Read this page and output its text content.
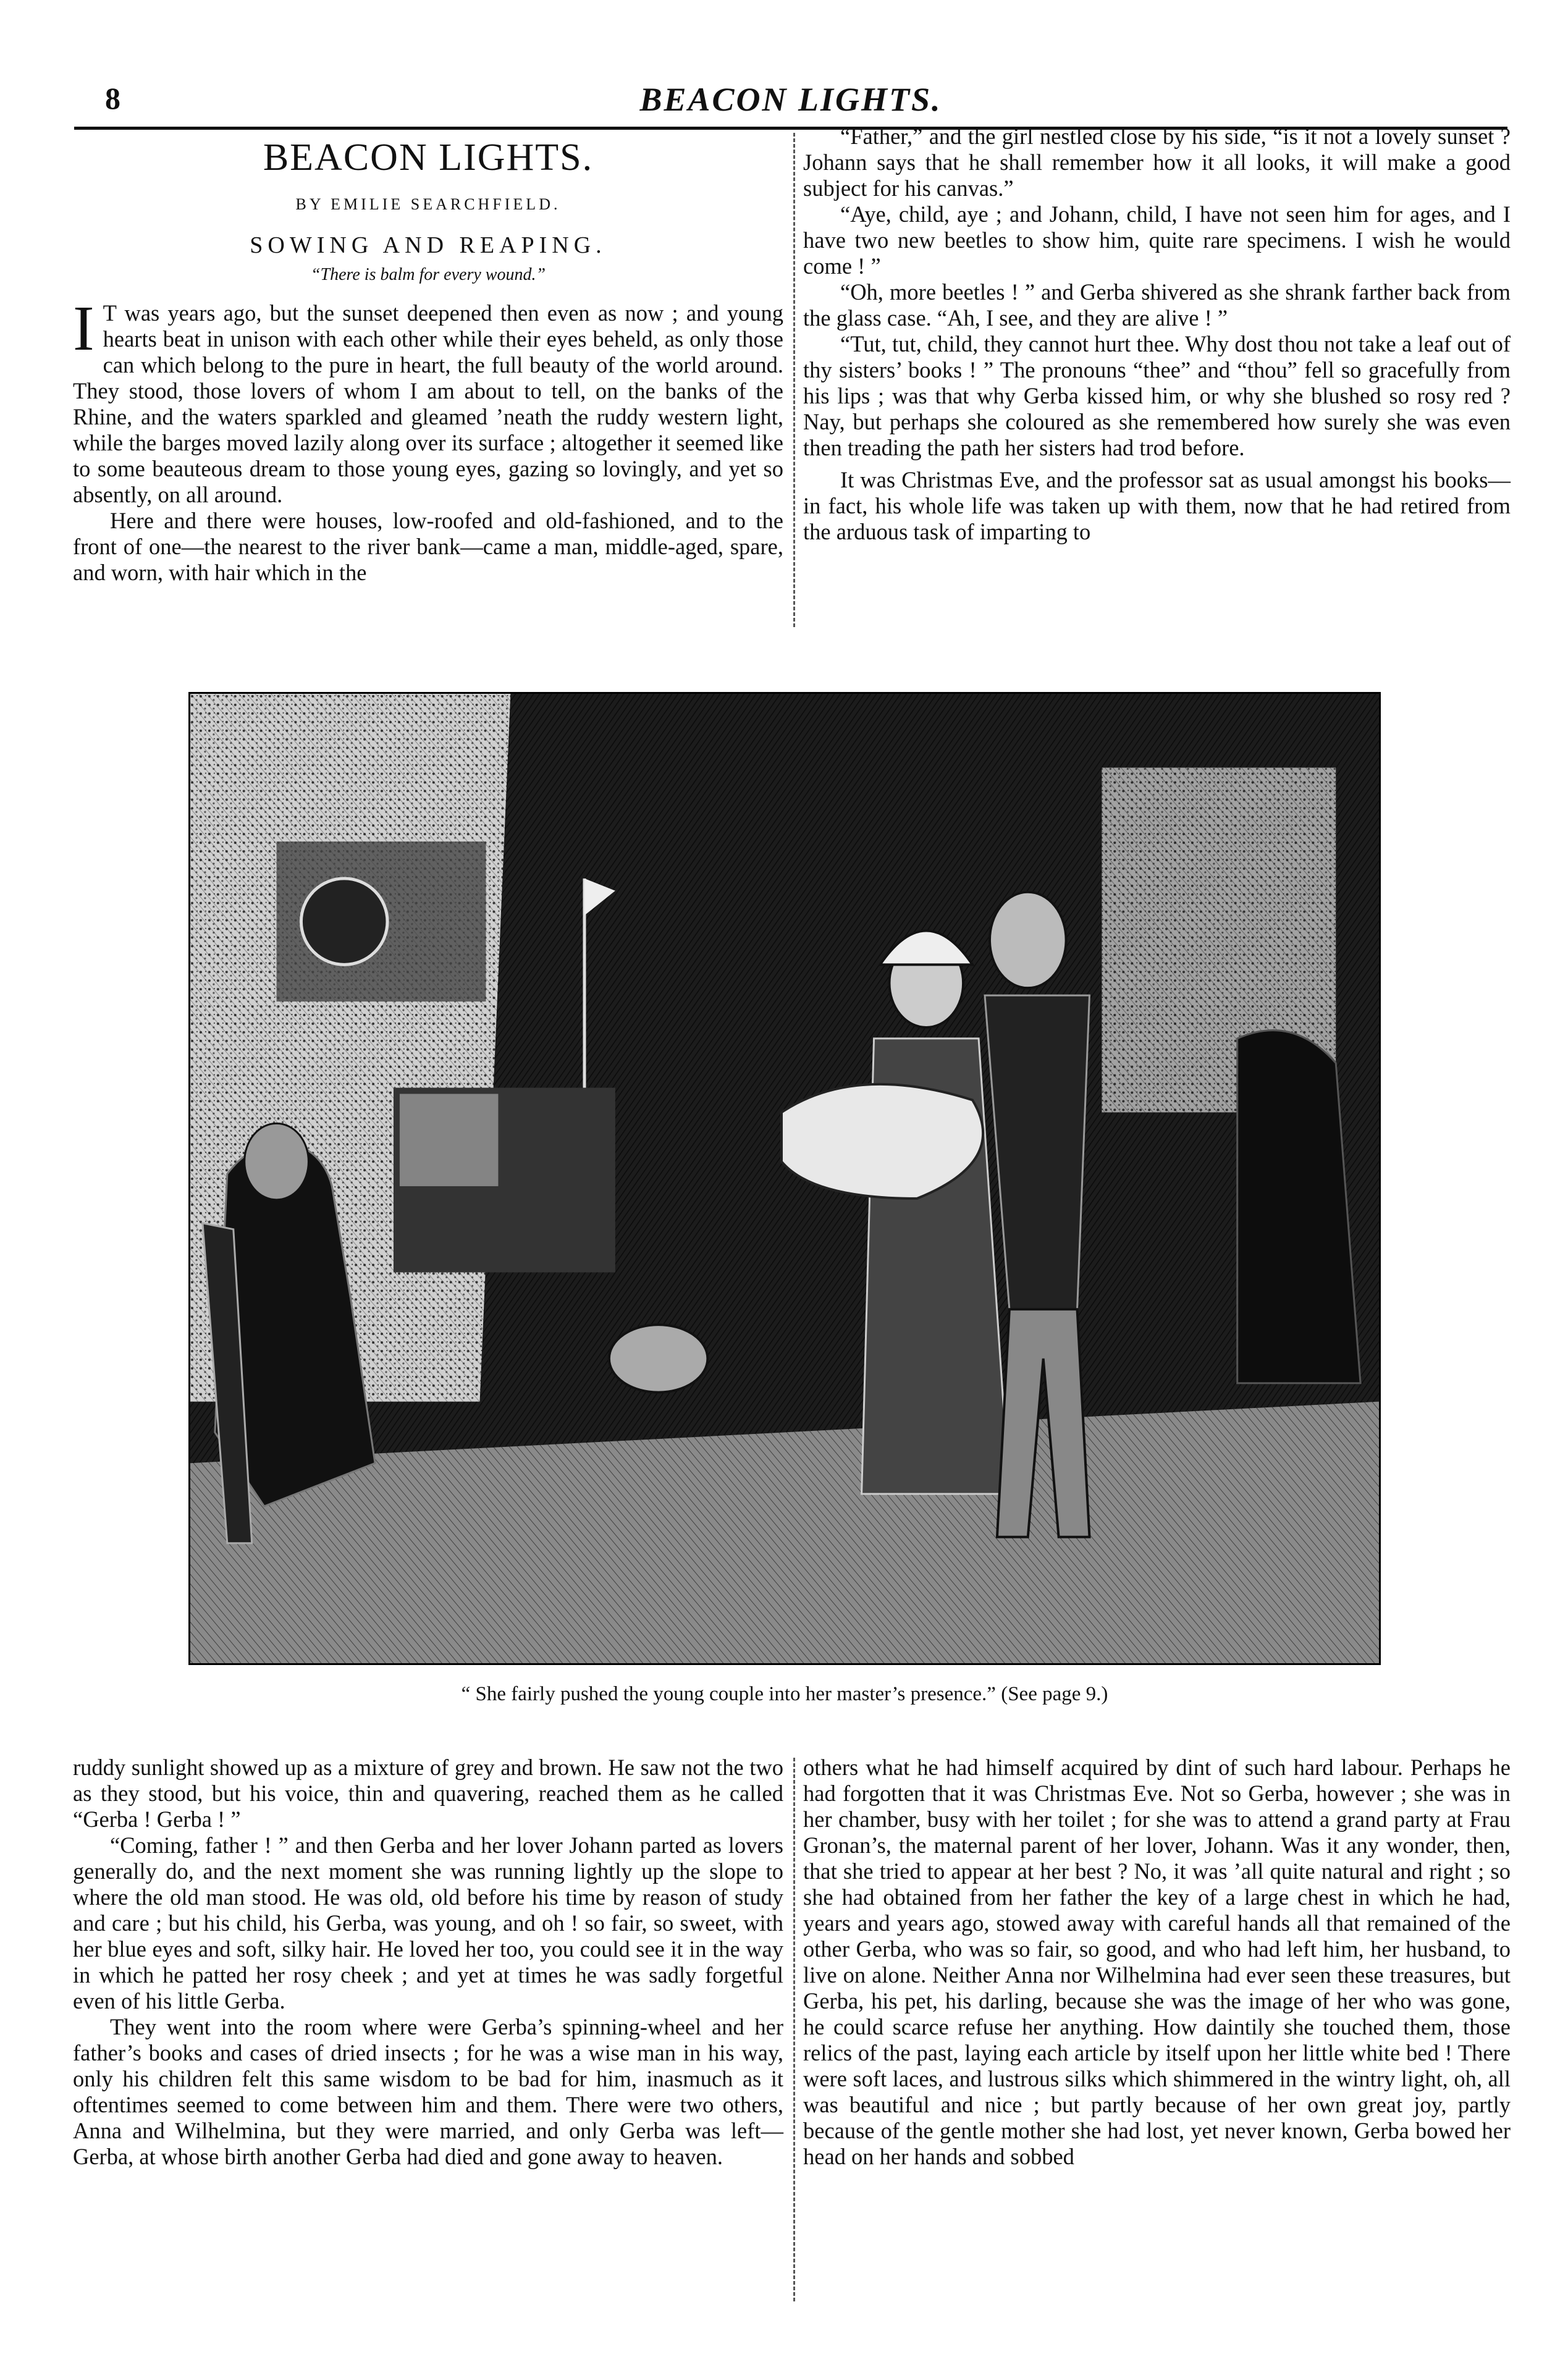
8	BEACON LIGHTS.
BEACON LIGHTS.
BY EMILIE SEARCHFIELD.
SOWING AND REAPING.
“There is balm for every wound.”

I T was years ago, but the sunset deepened then even as now ; and young hearts beat in unison with each other while their eyes beheld, as only those can which belong to the pure in heart, the full beauty of the world around. They stood, those lovers of whom I am about to tell, on the banks of the Rhine, and the waters sparkled and gleamed ’neath the ruddy western light, while the barges moved lazily along over its surface ; altogether it seemed like to some beauteous dream to those young eyes, gazing so lovingly, and yet so absently, on all around.

Here and there were houses, low-roofed and old-fashioned, and to the front of one—the nearest to the river bank—came a man, middle-aged, spare, and worn, with hair which in the

“Father,” and the girl nestled close by his side, “is it not a lovely sunset ? Johann says that he shall remember how it all looks, it will make a good subject for his canvas.”

“Aye, child, aye ; and Johann, child, I have not seen him for ages, and I have two new beetles to show him, quite rare specimens. I wish he would come ! ”

“Oh, more beetles ! ” and Gerba shivered as she shrank farther back from the glass case. “Ah, I see, and they are alive ! ”

“Tut, tut, child, they cannot hurt thee. Why dost thou not take a leaf out of thy sisters’ books ! ” The pronouns “thee” and “thou” fell so gracefully from his lips ; was that why Gerba kissed him, or why she blushed so rosy red ? Nay, but perhaps she coloured as she remembered how surely she was even then treading the path her sisters had trod before.

It was Christmas Eve, and the professor sat as usual amongst his books—in fact, his whole life was taken up with them, now that he had retired from the arduous task of imparting to

“ She fairly pushed the young couple into her master’s presence.” (See page 9.)

ruddy sunlight showed up as a mixture of grey and brown. He saw not the two as they stood, but his voice, thin and quavering, reached them as he called “Gerba ! Gerba ! ”

“Coming, father ! ” and then Gerba and her lover Johann parted as lovers generally do, and the next moment she was running lightly up the slope to where the old man stood. He was old, old before his time by reason of study and care ; but his child, his Gerba, was young, and oh ! so fair, so sweet, with her blue eyes and soft, silky hair. He loved her too, you could see it in the way in which he patted her rosy cheek ; and yet at times he was sadly forgetful even of his little Gerba.

They went into the room where were Gerba’s spinning-wheel and her father’s books and cases of dried insects ; for he was a wise man in his way, only his children felt this same wisdom to be bad for him, inasmuch as it oftentimes seemed to come between him and them. There were two others, Anna and Wilhelmina, but they were married, and only Gerba was left—Gerba, at whose birth another Gerba had died and gone away to heaven.

others what he had himself acquired by dint of such hard labour. Perhaps he had forgotten that it was Christmas Eve. Not so Gerba, however ; she was in her chamber, busy with her toilet ; for she was to attend a grand party at Frau Gronan’s, the maternal parent of her lover, Johann. Was it any wonder, then, that she tried to appear at her best ? No, it was ’all quite natural and right ; so she had obtained from her father the key of a large chest in which he had, years and years ago, stowed away with careful hands all that remained of the other Gerba, who was so fair, so good, and who had left him, her husband, to live on alone. Neither Anna nor Wilhelmina had ever seen these treasures, but Gerba, his pet, his darling, because she was the image of her who was gone, he could scarce refuse her anything. How daintily she touched them, those relics of the past, laying each article by itself upon her little white bed ! There were soft laces, and lustrous silks which shimmered in the wintry light, oh, all was beautiful and nice ; but partly because of her own great joy, partly because of the gentle mother she had lost, yet never known, Gerba bowed her head on her hands and sobbed
